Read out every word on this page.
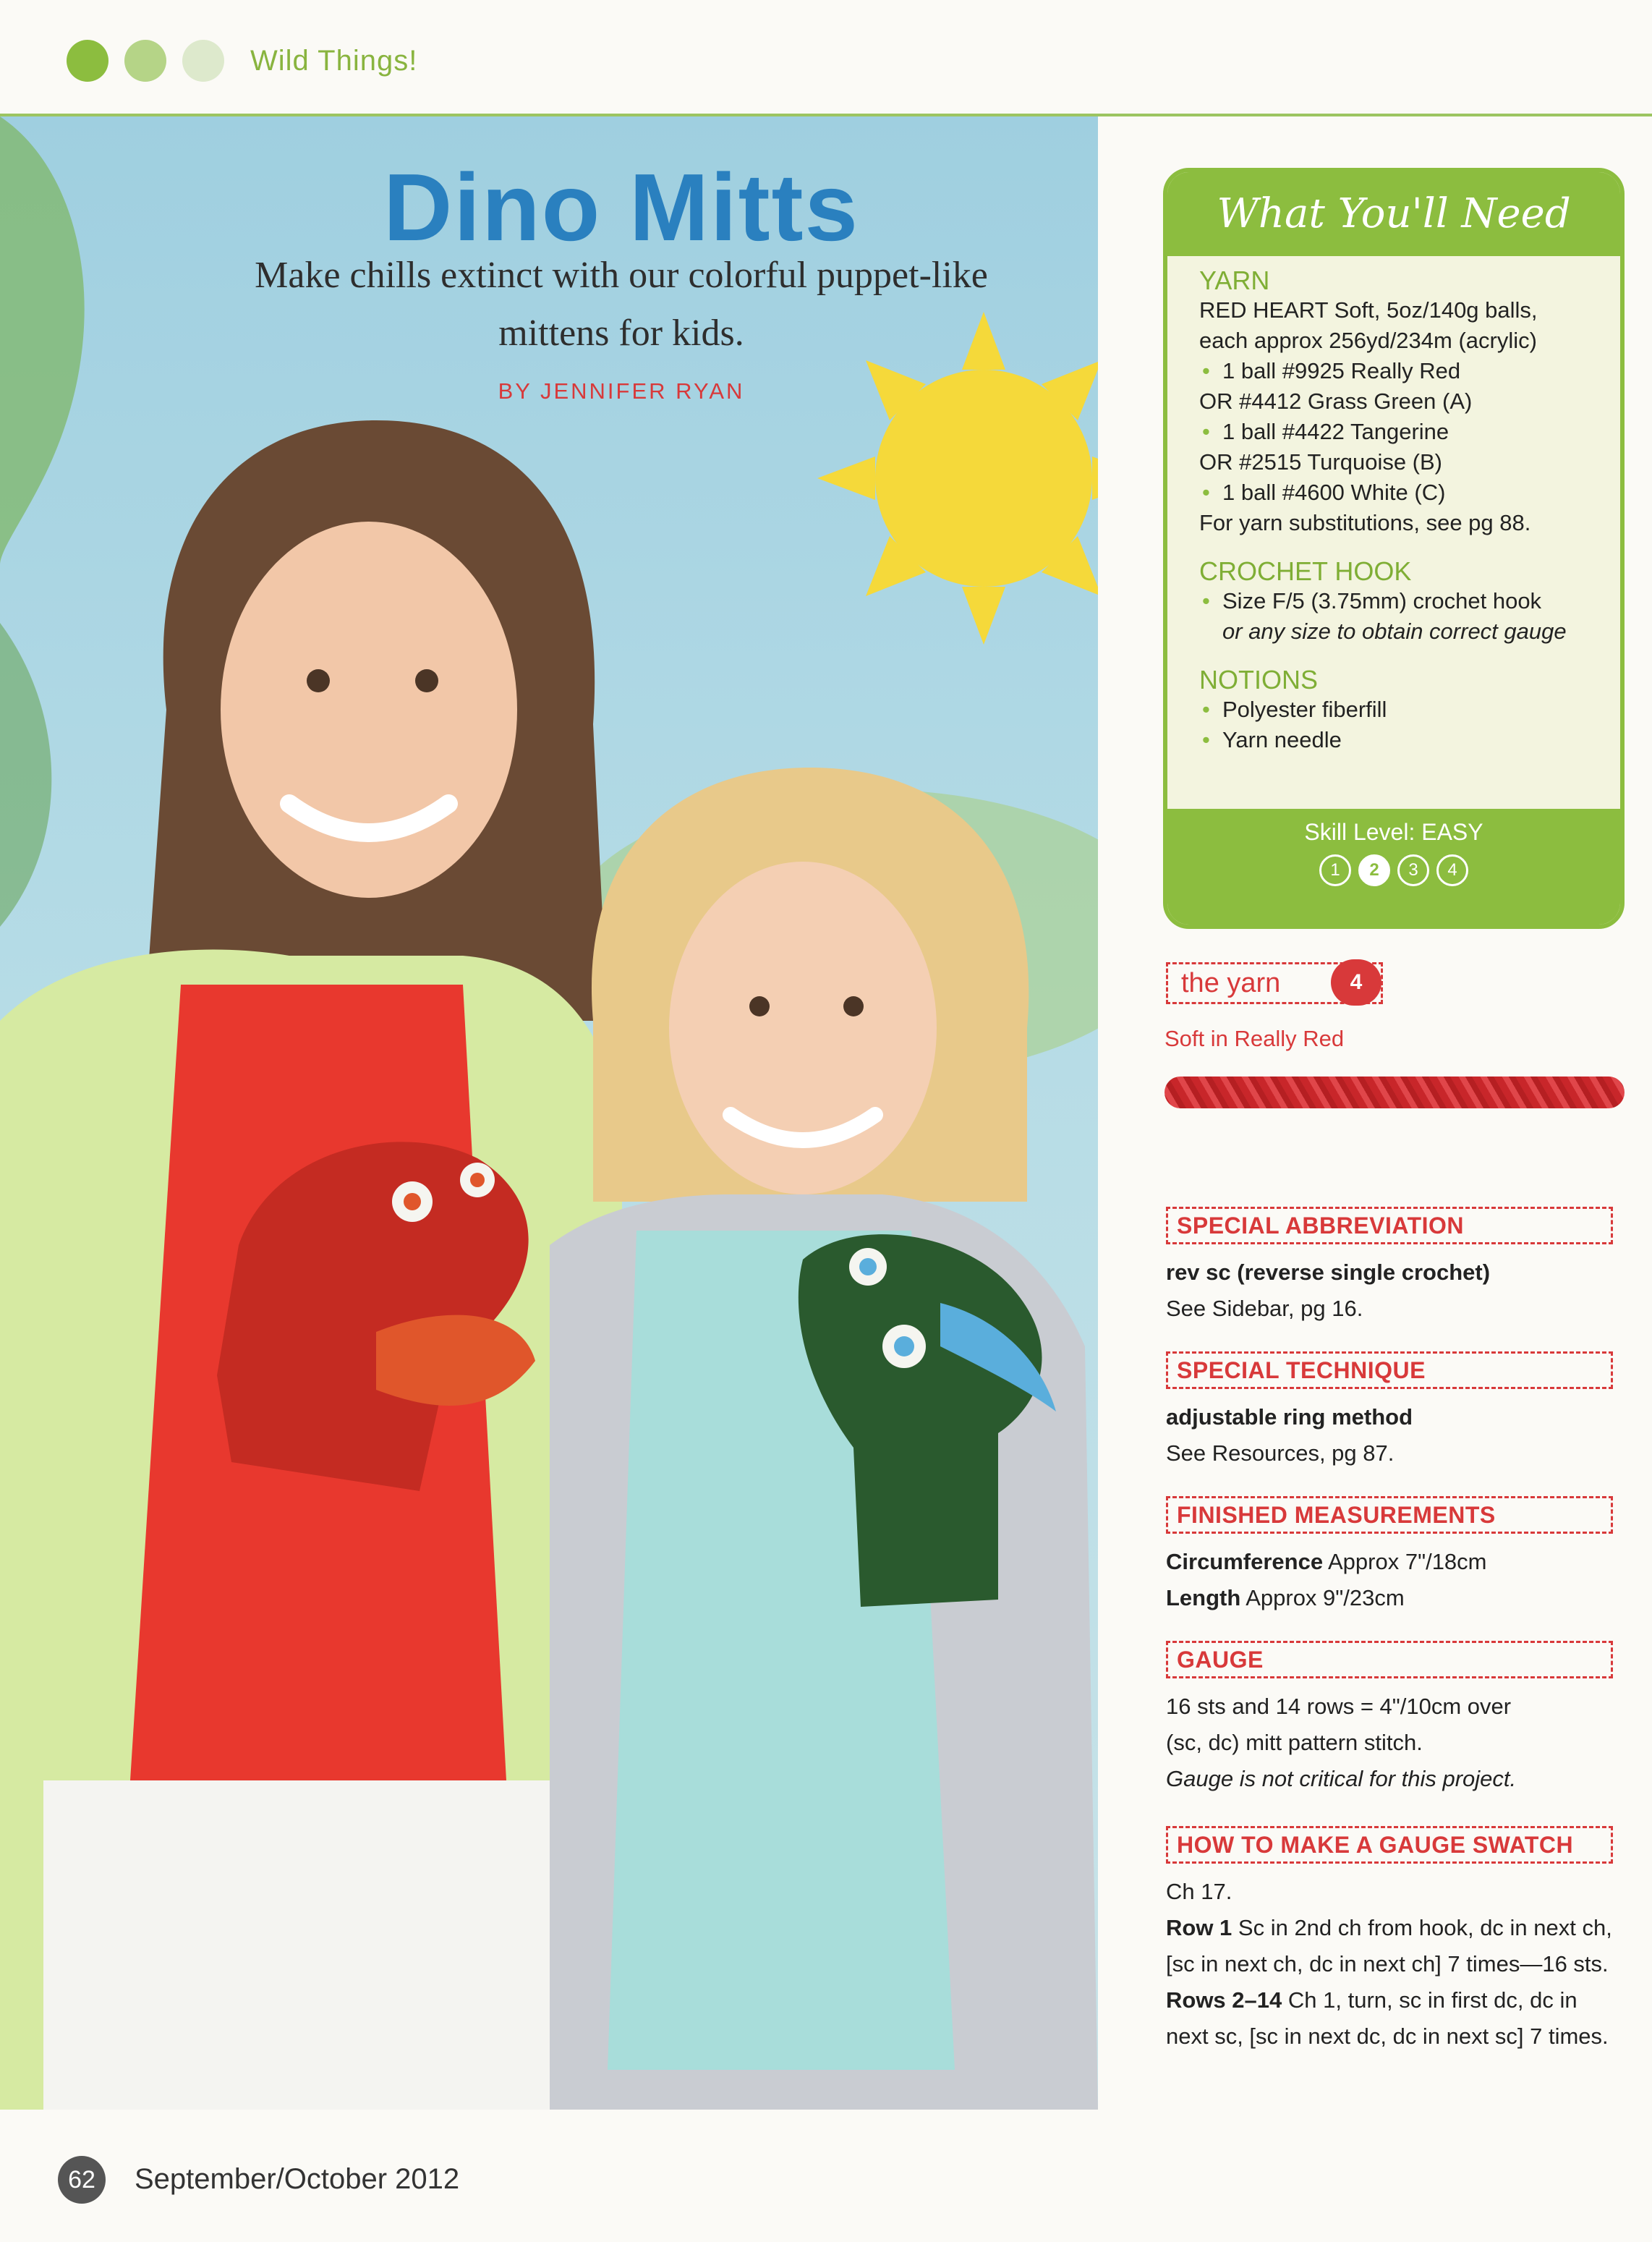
Wild Things!
Dino Mitts
Make chills extinct with our colorful puppet-like mittens for kids.
BY JENNIFER RYAN
What You'll Need

YARN

RED HEART Soft, 5oz/140g balls,
each approx 256yd/234m (acrylic)
• 1 ball #9925 Really Red
OR #4412 Grass Green (A)
• 1 ball #4422 Tangerine
OR #2515 Turquoise (B)
• 1 ball #4600 White (C)
For yarn substitutions, see pg 88.

CROCHET HOOK

• Size F/5 (3.75mm) crochet hook
or any size to obtain correct gauge

NOTIONS

• Polyester fiberfill
• Yarn needle
Skill Level: EASY
1	2	3	4
the yarn	4
Soft in Really Red
SPECIAL ABBREVIATION
rev sc (reverse single crochet)
See Sidebar, pg 16.
SPECIAL TECHNIQUE
adjustable ring method
See Resources, pg 87.
FINISHED MEASUREMENTS
Circumference Approx 7"/18cm
Length Approx 9"/23cm
GAUGE
16 sts and 14 rows = 4"/10cm over
(sc, dc) mitt pattern stitch.
Gauge is not critical for this project.
HOW TO MAKE A GAUGE SWATCH
Ch 17.
Row 1 Sc in 2nd ch from hook, dc in next ch, [sc in next ch, dc in next ch] 7 times—16 sts.
Rows 2–14 Ch 1, turn, sc in first dc, dc in next sc, [sc in next dc, dc in next sc] 7 times.
62	September/October 2012
